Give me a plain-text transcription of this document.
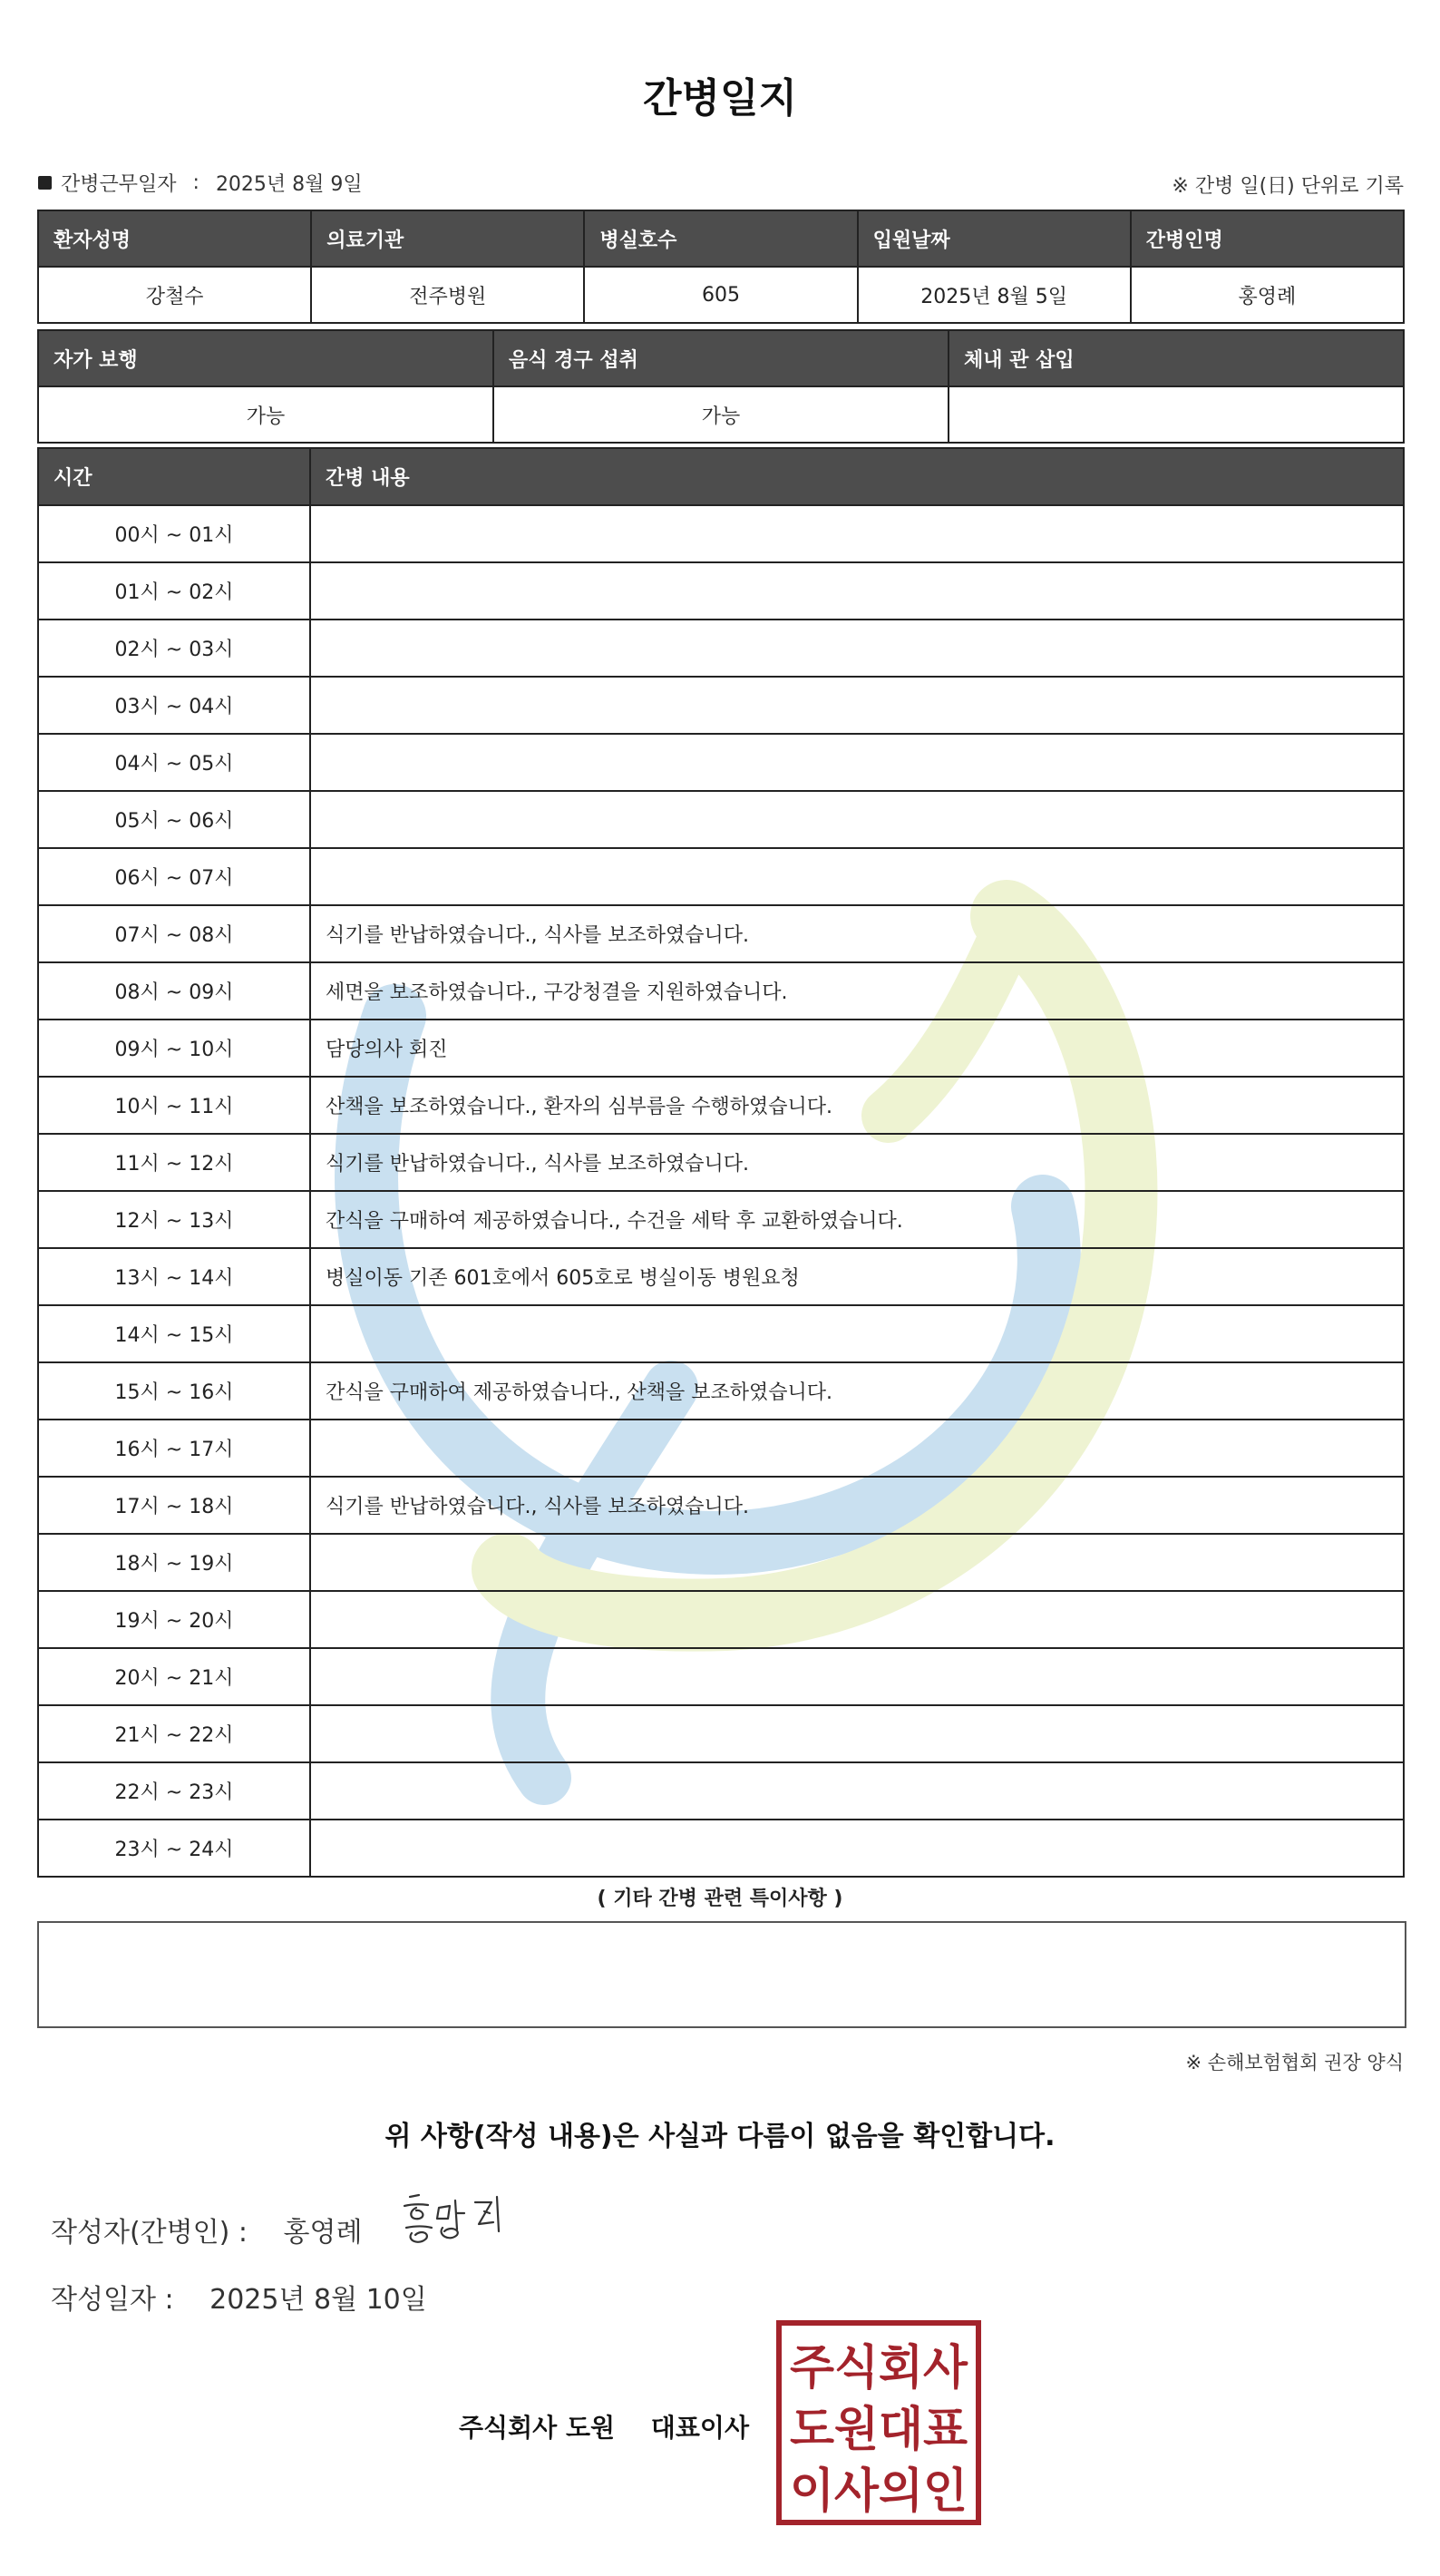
간병일지
간병근무일자 : 2025년 8월 9일	※ 간병 일(日) 단위로 기록
환자성명	의료기관	병실호수	입원날짜	간병인명
강철수	전주병원	605	2025년 8월 5일	홍영례
자가 보행	음식 경구 섭취	체내 관 삽입
가능	가능	
시간	간병 내용
00시 ~ 01시	
01시 ~ 02시	
02시 ~ 03시	
03시 ~ 04시	
04시 ~ 05시	
05시 ~ 06시	
06시 ~ 07시	
07시 ~ 08시	식기를 반납하였습니다., 식사를 보조하였습니다.
08시 ~ 09시	세면을 보조하였습니다., 구강청결을 지원하였습니다.
09시 ~ 10시	담당의사 회진
10시 ~ 11시	산책을 보조하였습니다., 환자의 심부름을 수행하였습니다.
11시 ~ 12시	식기를 반납하였습니다., 식사를 보조하였습니다.
12시 ~ 13시	간식을 구매하여 제공하였습니다., 수건을 세탁 후 교환하였습니다.
13시 ~ 14시	병실이동 기존 601호에서 605호로 병실이동 병원요청
14시 ~ 15시	
15시 ~ 16시	간식을 구매하여 제공하였습니다., 산책을 보조하였습니다.
16시 ~ 17시	
17시 ~ 18시	식기를 반납하였습니다., 식사를 보조하였습니다.
18시 ~ 19시	
19시 ~ 20시	
20시 ~ 21시	
21시 ~ 22시	
22시 ~ 23시	
23시 ~ 24시	
( 기타 간병 관련 특이사항 )
※ 손해보험협회 권장 양식
위 사항(작성 내용)은 사실과 다름이 없음을 확인합니다.
작성자(간병인) : 홍영례
작성일자 : 2025년 8월 10일
주식회사 도원 대표이사
주식회사
도원대표
이사의인
